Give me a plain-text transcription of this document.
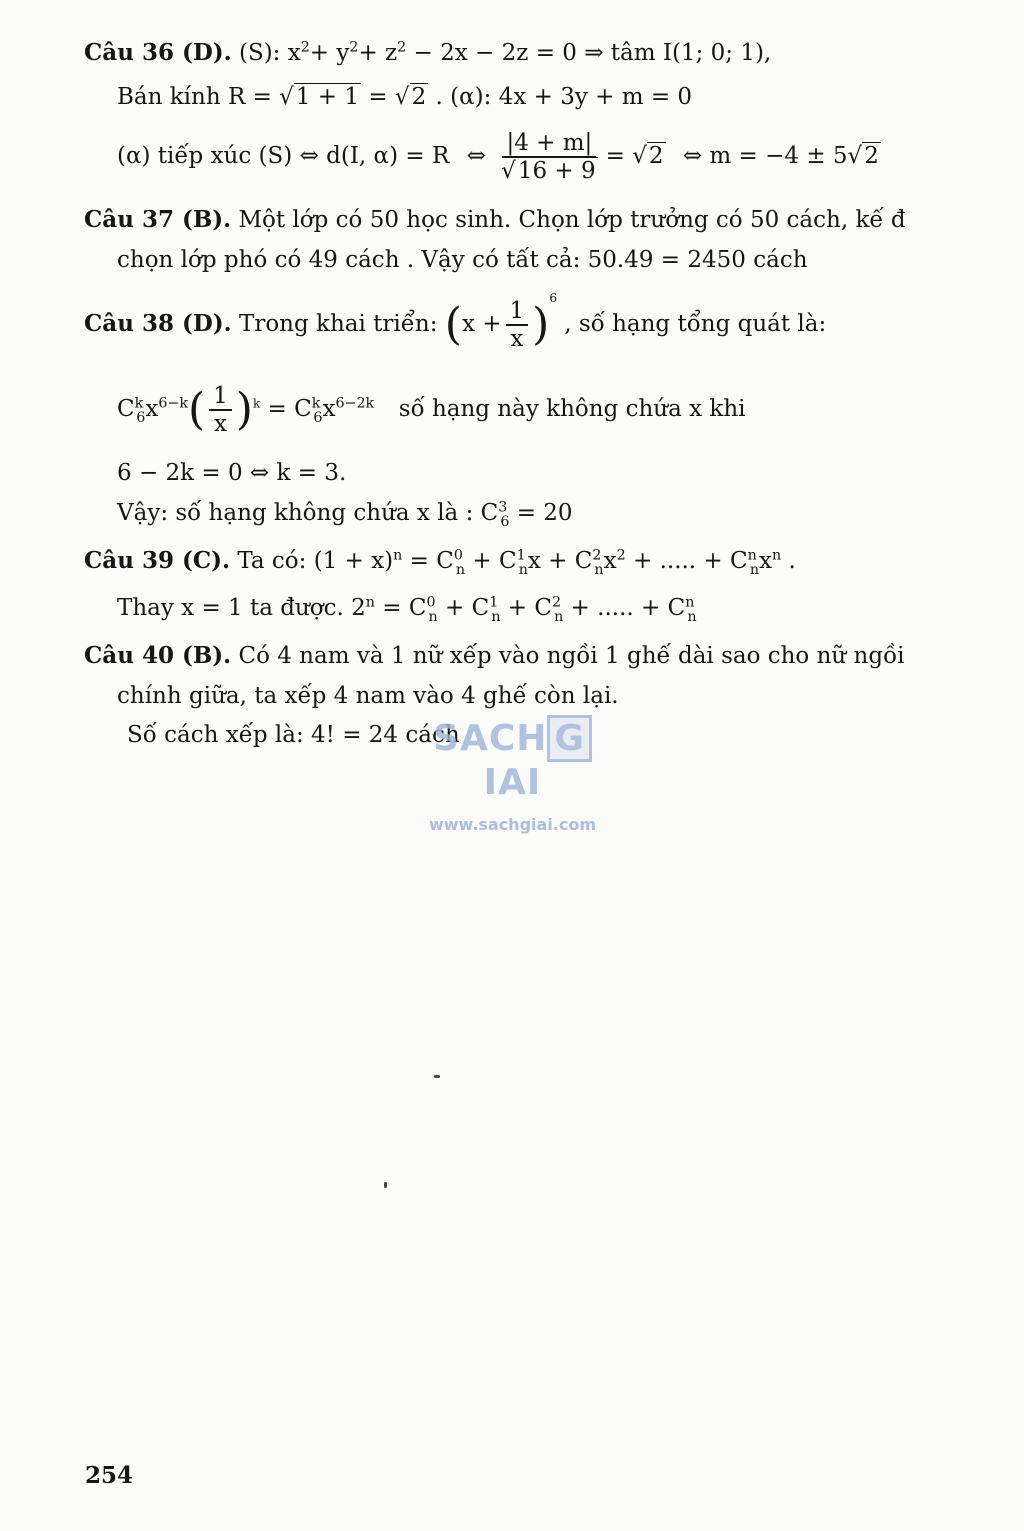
Câu 36 (D). (S): $x^2+ y^2+ z^2 - 2x - 2z = 0$ ⇒ tâm I(1; 0; 1),
Bán kính R = √1 + 1 = √2 . (α): 4x + 3y + m = 0
(α) tiếp xúc (S) ⇔ d(I, α) = R ⇔ $\frac{|4 + m|}{√16 + 9} = √2$ ⇔ m = −4 ± 5√2
Câu 37 (B). Một lớp có 50 học sinh. Chọn lớp trưởng có 50 cách, kế đ
chọn lớp phó có 49 cách . Vậy có tất cả: 50.49 = 2450 cách
Câu 38 (D). Trong khai triển: $(x + \frac{1}{x} )^6$ , số hạng tổng quát là:
$C^k_6x^{6-k}( \frac{1}{x} )^k = C^k_6x^{6-2k}$ số hạng này không chứa x khi
6 − 2k = 0 ⇔ k = 3.
Vậy: số hạng không chứa x là : $C^3_6 = 20$
Câu 39 (C). Ta có: $(1 + x)^n = C^0_n + C^1_nx + C^2_nx^2$ + ..... + $C^n_nx^n$ .
Thay x = 1 ta được. $2^n = C^0_n + C^1_n + C^2_n$ + ..... + $C^n_n$
Câu 40 (B). Có 4 nam và 1 nữ xếp vào ngồi 1 ghế dài sao cho nữ ngồi
chính giữa, ta xếp 4 nam vào 4 ghế còn lại.
Số cách xếp là: 4! = 24 cách
SACH GIAI
www.sachgiai.com
254
